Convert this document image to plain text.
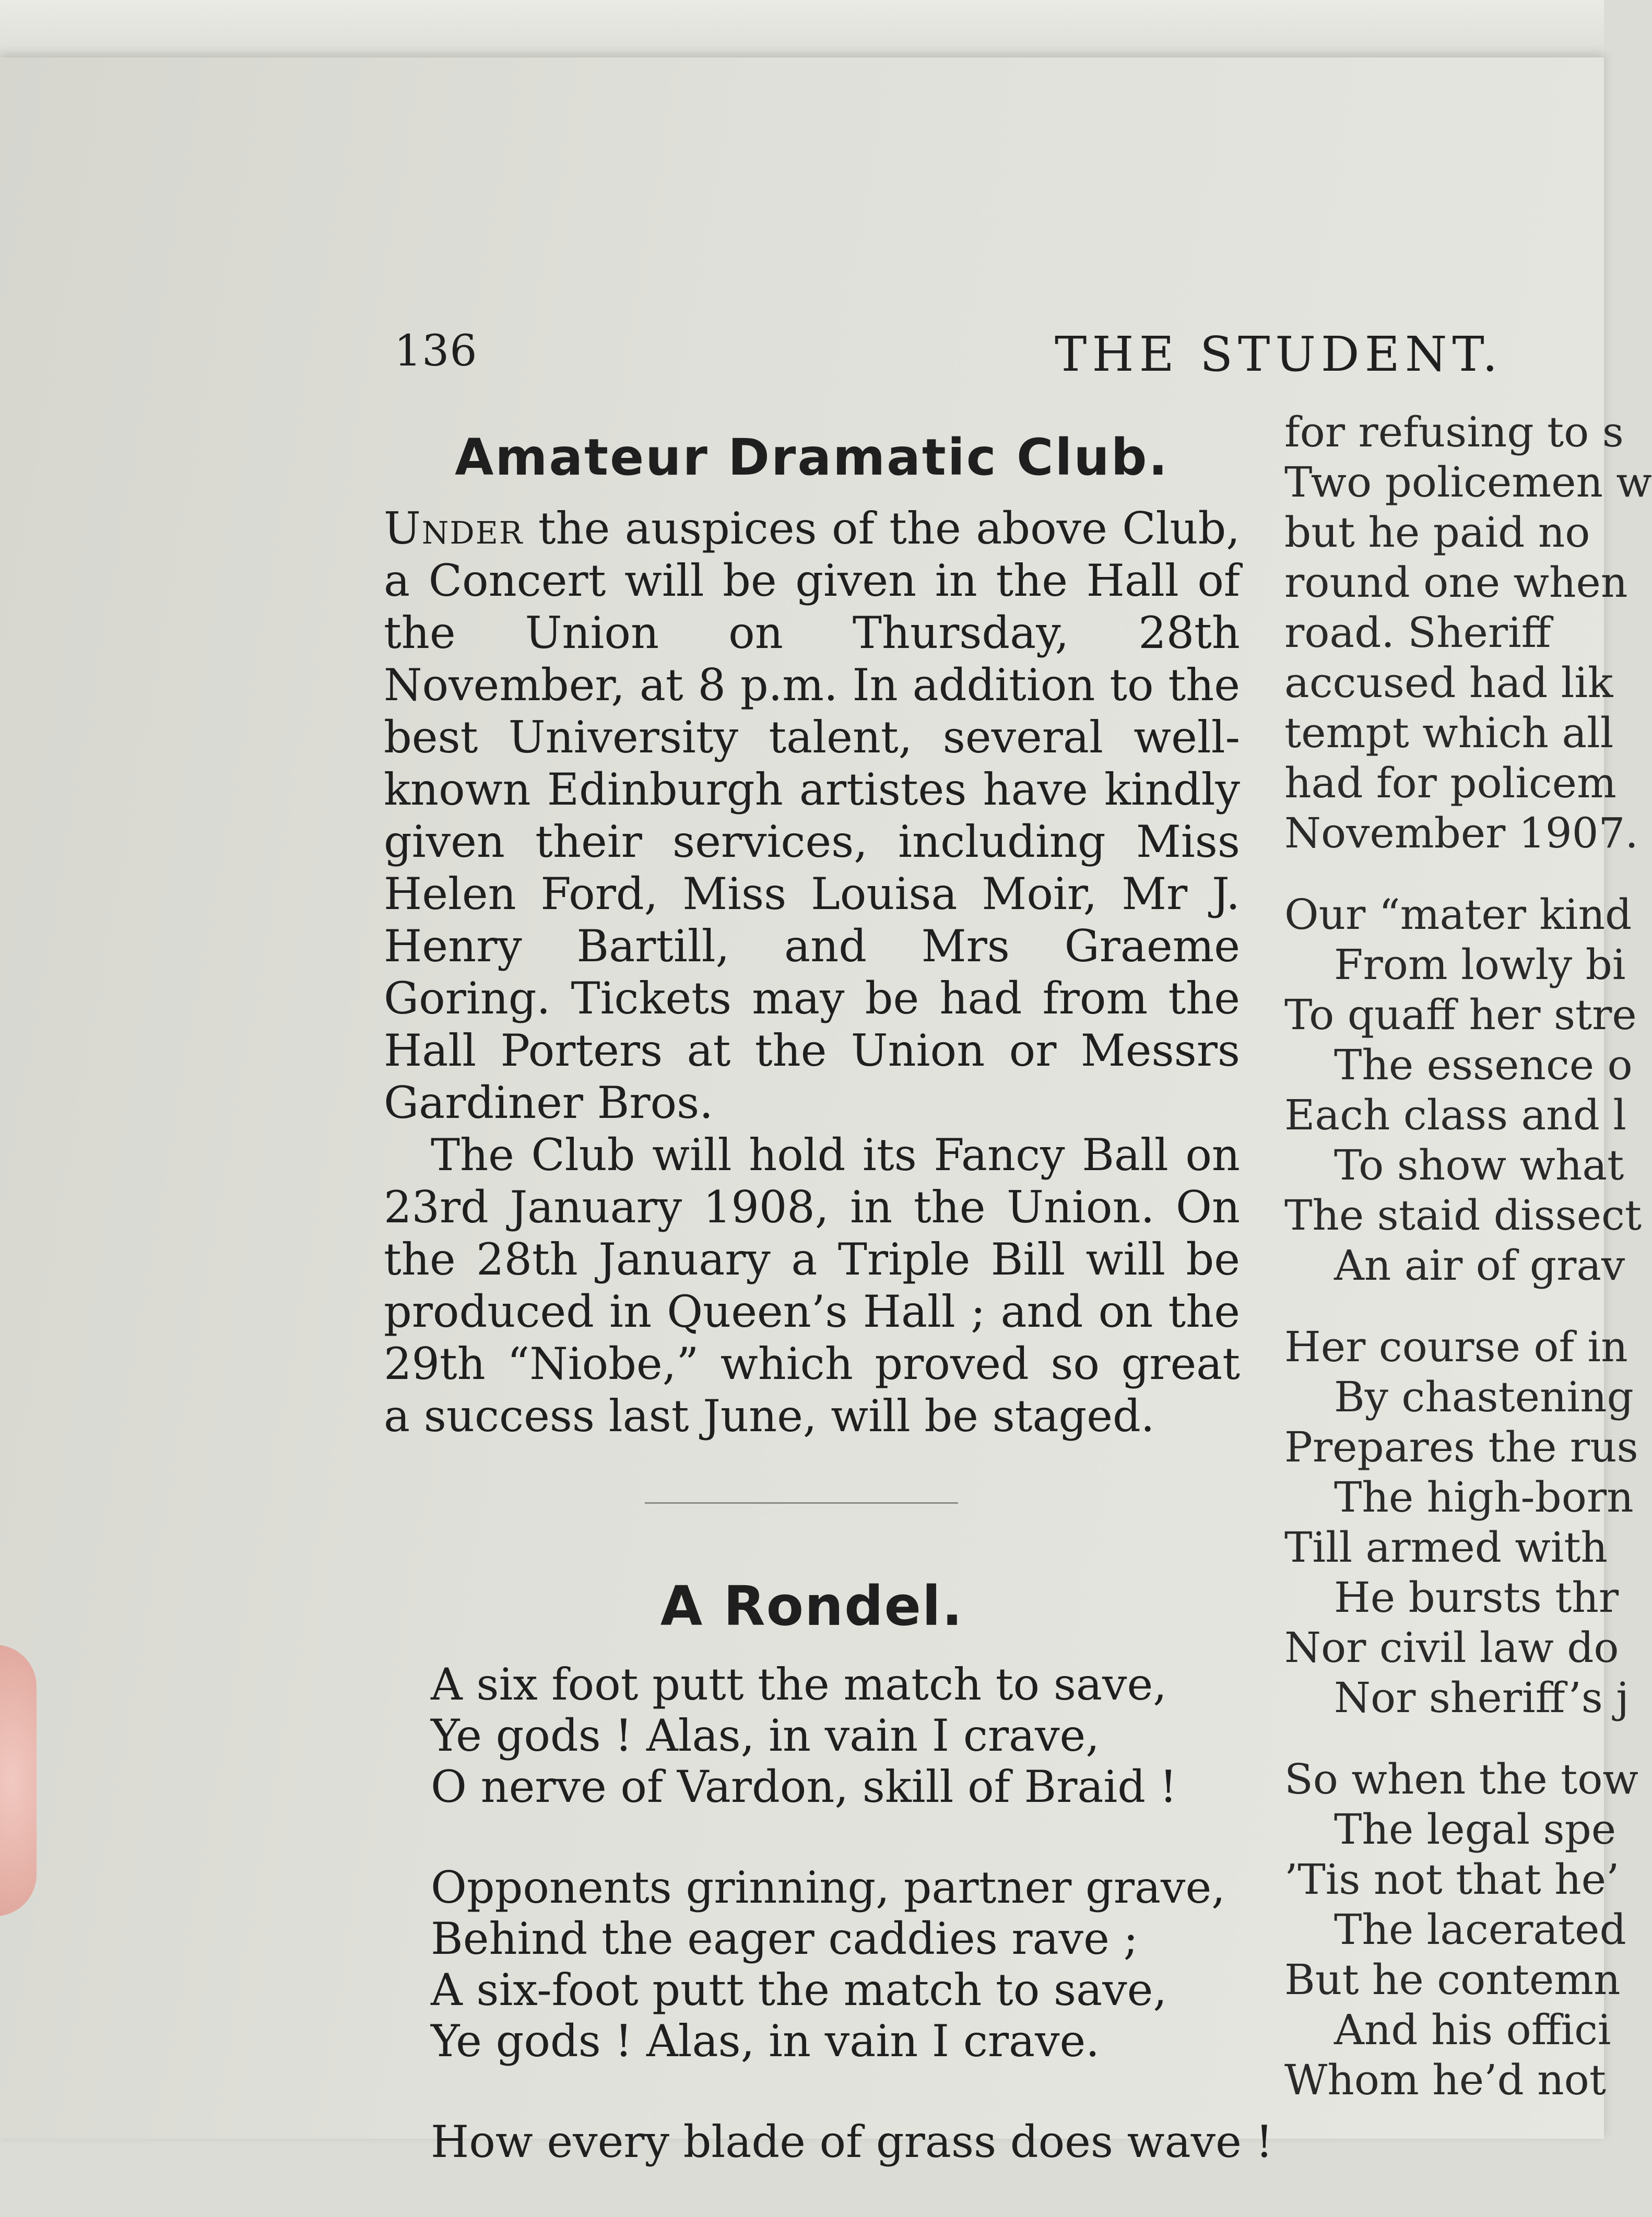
136	THE STUDENT.
Amateur Dramatic Club.

Under the auspices of the above Club, a Concert will be given in the Hall of the Union on Thursday, 28th November, at 8 p.m. In addition to the best University talent, several well-known Edinburgh artistes have kindly given their services, including Miss Helen Ford, Miss Louisa Moir, Mr J. Henry Bartill, and Mrs Graeme Goring. Tickets may be had from the Hall Porters at the Union or Messrs Gardiner Bros.

The Club will hold its Fancy Ball on 23rd January 1908, in the Union. On the 28th January a Triple Bill will be produced in Queen’s Hall ; and on the 29th “Niobe,” which proved so great a success last June, will be staged.

A Rondel.
A six foot putt the match to save,
Ye gods ! Alas, in vain I crave,
O nerve of Vardon, skill of Braid !
Opponents grinning, partner grave,
Behind the eager caddies rave ;
A six-foot putt the match to save,
Ye gods ! Alas, in vain I crave.
How every blade of grass does wave !
for refusing to s
Two policemen w
but he paid no
round one when
road. Sheriff
accused had lik
tempt which all
had for policem
November 1907.
Our “mater kind
From lowly bi
To quaff her stre
The essence o
Each class and l
To show what
The staid dissect
An air of grav
Her course of in
By chastening
Prepares the rus
The high-born
Till armed with
He bursts thr
Nor civil law do
Nor sheriff’s j
So when the tow
The legal spe
’Tis not that he’
The lacerated
But he contemn
And his offici
Whom he’d not
